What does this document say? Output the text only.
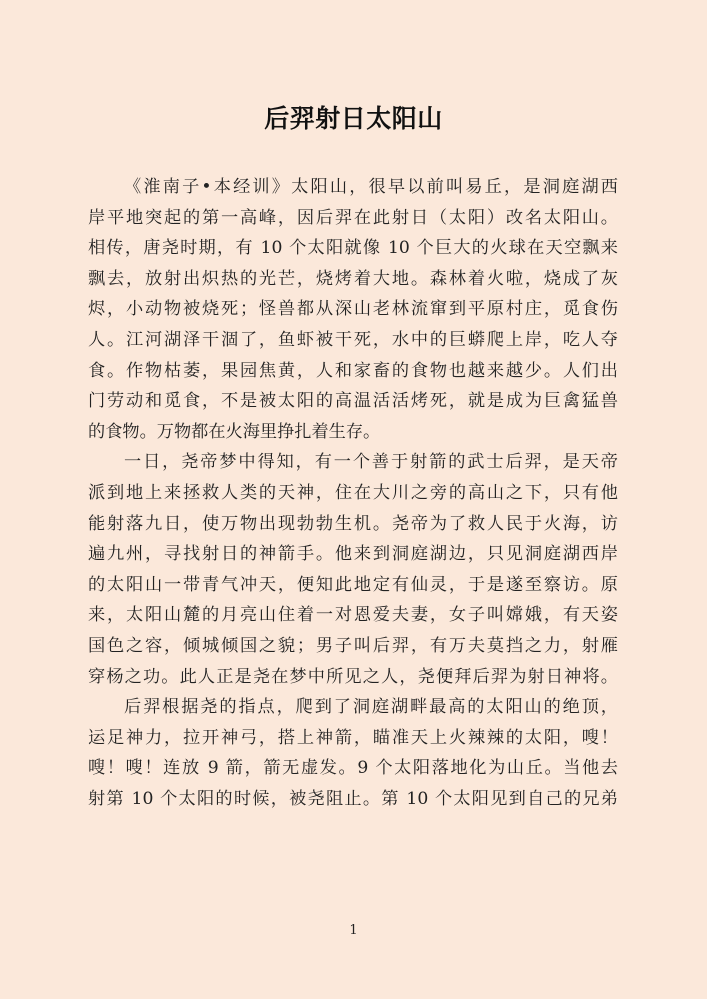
后羿射日太阳山
《淮南子•本经训》太阳山，很早以前叫易丘，是洞庭湖西
岸平地突起的第一高峰，因后羿在此射日（太阳）改名太阳山。
相传，唐尧时期，有 10 个太阳就像 10 个巨大的火球在天空飘来
飘去，放射出炽热的光芒，烧烤着大地。森林着火啦，烧成了灰
烬，小动物被烧死；怪兽都从深山老林流窜到平原村庄，觅食伤
人。江河湖泽干涸了，鱼虾被干死，水中的巨蟒爬上岸，吃人夺
食。作物枯萎，果园焦黄，人和家畜的食物也越来越少。人们出
门劳动和觅食，不是被太阳的高温活活烤死，就是成为巨禽猛兽
的食物。万物都在火海里挣扎着生存。
一日，尧帝梦中得知，有一个善于射箭的武士后羿，是天帝
派到地上来拯救人类的天神，住在大川之旁的高山之下，只有他
能射落九日，使万物出现勃勃生机。尧帝为了救人民于火海，访
遍九州，寻找射日的神箭手。他来到洞庭湖边，只见洞庭湖西岸
的太阳山一带青气冲天，便知此地定有仙灵，于是遂至察访。原
来，太阳山麓的月亮山住着一对恩爱夫妻，女子叫嫦娥，有天姿
国色之容，倾城倾国之貌；男子叫后羿，有万夫莫挡之力，射雁
穿杨之功。此人正是尧在梦中所见之人，尧便拜后羿为射日神将。
后羿根据尧的指点，爬到了洞庭湖畔最高的太阳山的绝顶，
运足神力，拉开神弓，搭上神箭，瞄准天上火辣辣的太阳，嗖！
嗖！嗖！连放 9 箭，箭无虚发。9 个太阳落地化为山丘。当他去
射第 10 个太阳的时候，被尧阻止。第 10 个太阳见到自己的兄弟
1
